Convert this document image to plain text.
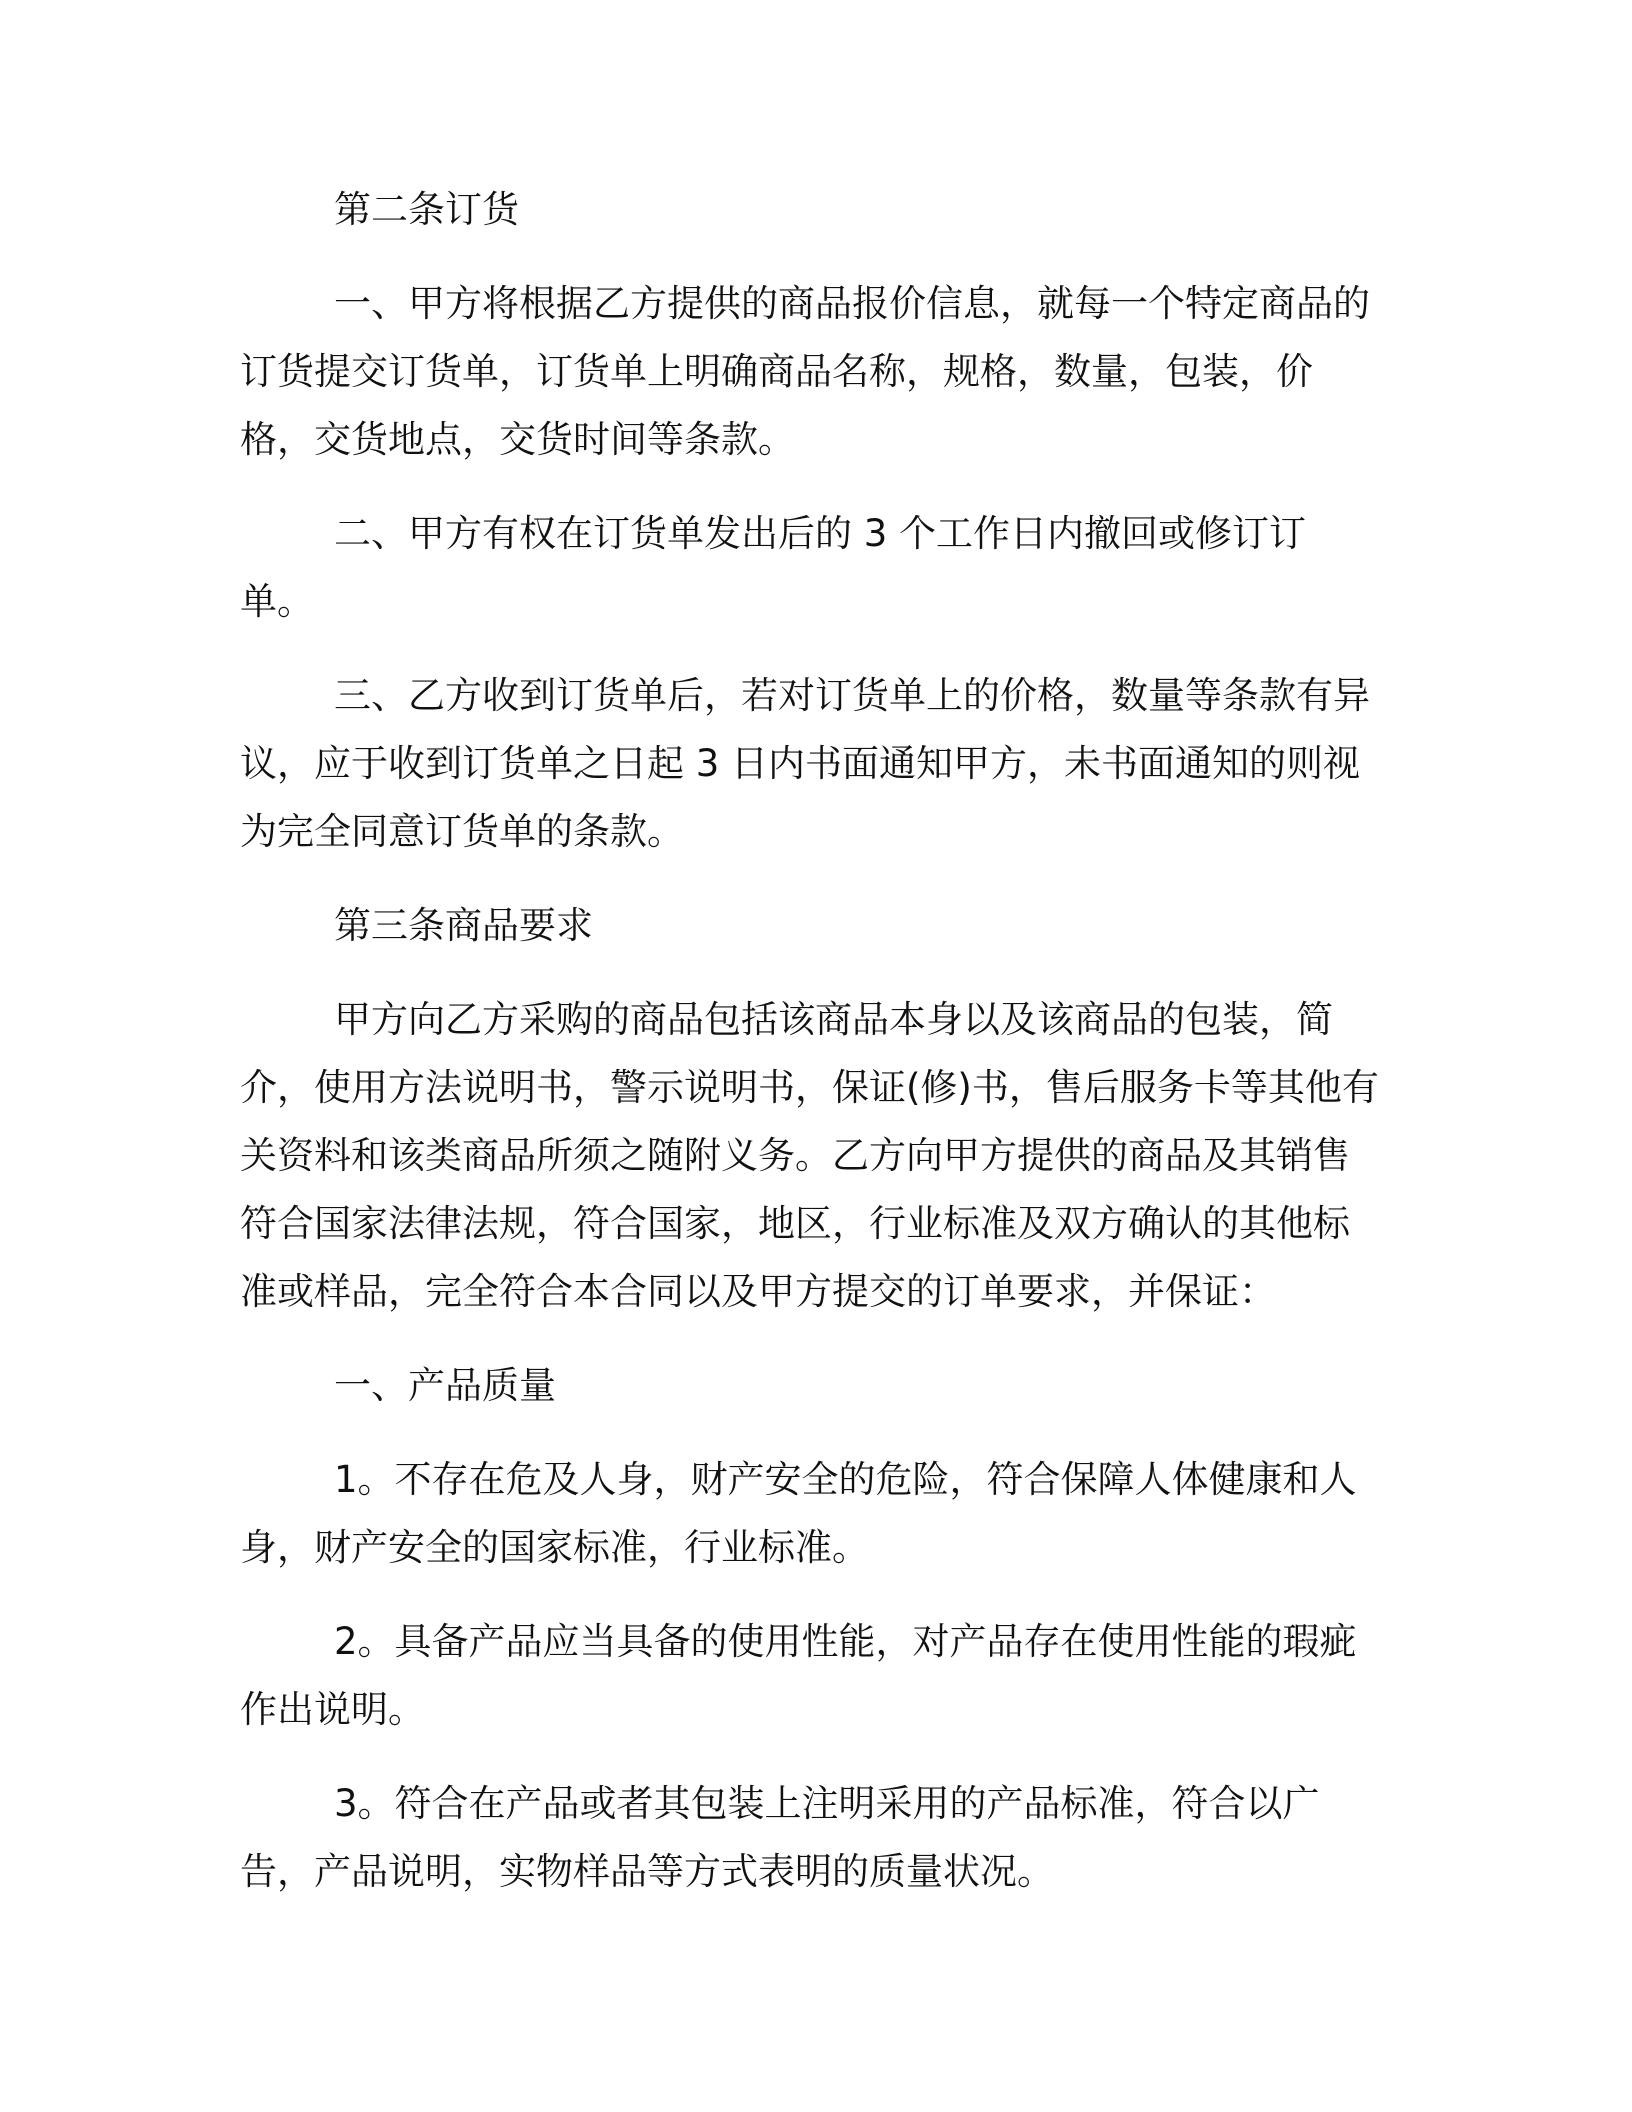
第二条订货

一、甲方将根据乙方提供的商品报价信息，就每一个特定商品的订货提交订货单，订货单上明确商品名称，规格，数量，包装，价格，交货地点，交货时间等条款。

二、甲方有权在订货单发出后的 3 个工作日内撤回或修订订单。

三、乙方收到订货单后，若对订货单上的价格，数量等条款有异议，应于收到订货单之日起 3 日内书面通知甲方，未书面通知的则视为完全同意订货单的条款。

第三条商品要求

甲方向乙方采购的商品包括该商品本身以及该商品的包装，简介，使用方法说明书，警示说明书，保证(修)书，售后服务卡等其他有关资料和该类商品所须之随附义务。乙方向甲方提供的商品及其销售符合国家法律法规，符合国家，地区，行业标准及双方确认的其他标准或样品，完全符合本合同以及甲方提交的订单要求，并保证：

一、产品质量

1。不存在危及人身，财产安全的危险，符合保障人体健康和人身，财产安全的国家标准，行业标准。

2。具备产品应当具备的使用性能，对产品存在使用性能的瑕疵作出说明。

3。符合在产品或者其包装上注明采用的产品标准，符合以广告，产品说明，实物样品等方式表明的质量状况。
